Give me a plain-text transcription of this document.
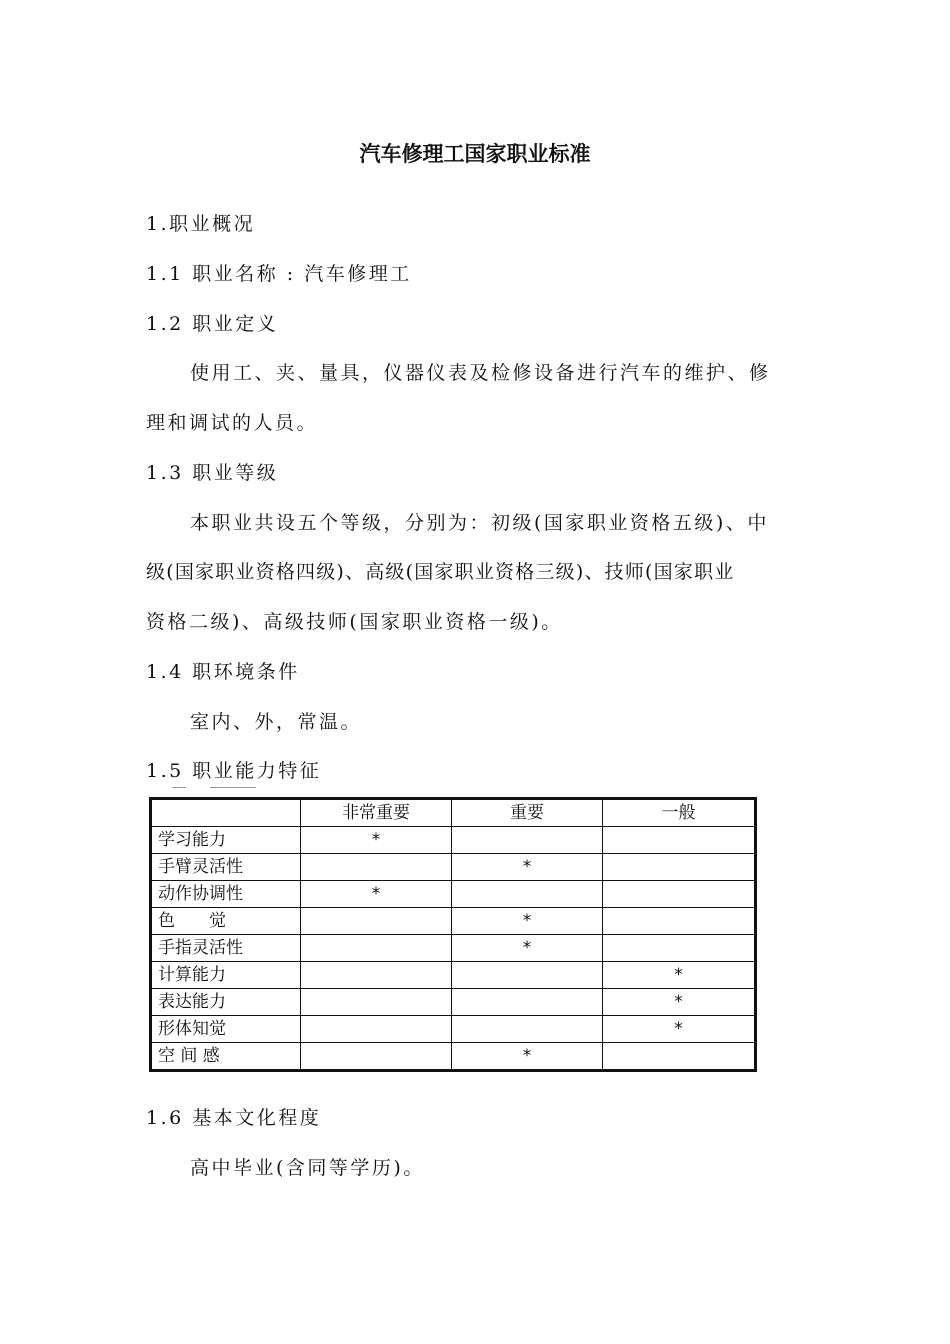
汽车修理工国家职业标准
1.职业概况
1.1 职业名称 : 汽车修理工
1.2 职业定义
使用工、夹、量具，仪器仪表及检修设备进行汽车的维护、修
理和调试的人员。
1.3 职业等级
本职业共设五个等级，分别为：初级(国家职业资格五级)、中
级(国家职业资格四级)、高级(国家职业资格三级)、技师(国家职业
资格二级)、高级技师(国家职业资格一级)。
1.4 职环境条件
室内、外，常温。
1.5 职业能力特征
	非常重要	重要	一般
学习能力	*		
手臂灵活性		*	
动作协调性	*		
色　　觉		*	
手指灵活性		*	
计算能力			*
表达能力			*
形体知觉			*
空 间 感		*	
1.6 基本文化程度
高中毕业(含同等学历)。
